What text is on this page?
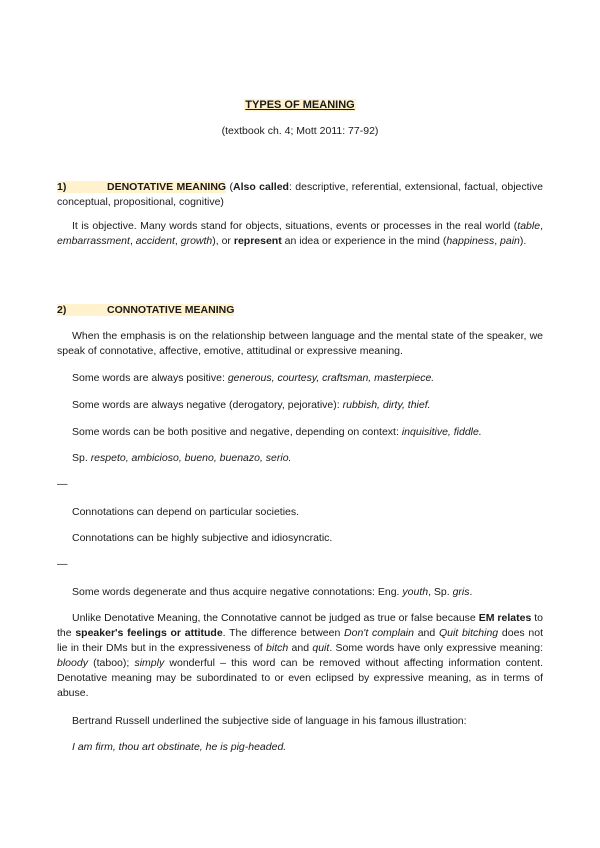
TYPES OF MEANING
(textbook ch. 4; Mott 2011: 77-92)
1)	DENOTATIVE MEANING (Also called: descriptive, referential, extensional, factual, objective conceptual, propositional, cognitive)
It is objective. Many words stand for objects, situations, events or processes in the real world (table, embarrassment, accident, growth), or represent an idea or experience in the mind (happiness, pain).
2)	CONNOTATIVE MEANING
When the emphasis is on the relationship between language and the mental state of the speaker, we speak of connotative, affective, emotive, attitudinal or expressive meaning.
Some words are always positive: generous, courtesy, craftsman, masterpiece.
Some words are always negative (derogatory, pejorative): rubbish, dirty, thief.
Some words can be both positive and negative, depending on context: inquisitive, fiddle.
Sp. respeto, ambicioso, bueno, buenazo, serio.
—
Connotations can depend on particular societies.
Connotations can be highly subjective and idiosyncratic.
—
Some words degenerate and thus acquire negative connotations: Eng. youth, Sp. gris.
Unlike Denotative Meaning, the Connotative cannot be judged as true or false because EM relates to the speaker's feelings or attitude. The difference between Don't complain and Quit bitching does not lie in their DMs but in the expressiveness of bitch and quit. Some words have only expressive meaning: bloody (taboo); simply wonderful – this word can be removed without affecting information content. Denotative meaning may be subordinated to or even eclipsed by expressive meaning, as in terms of abuse.
Bertrand Russell underlined the subjective side of language in his famous illustration:
I am firm, thou art obstinate, he is pig-headed.
